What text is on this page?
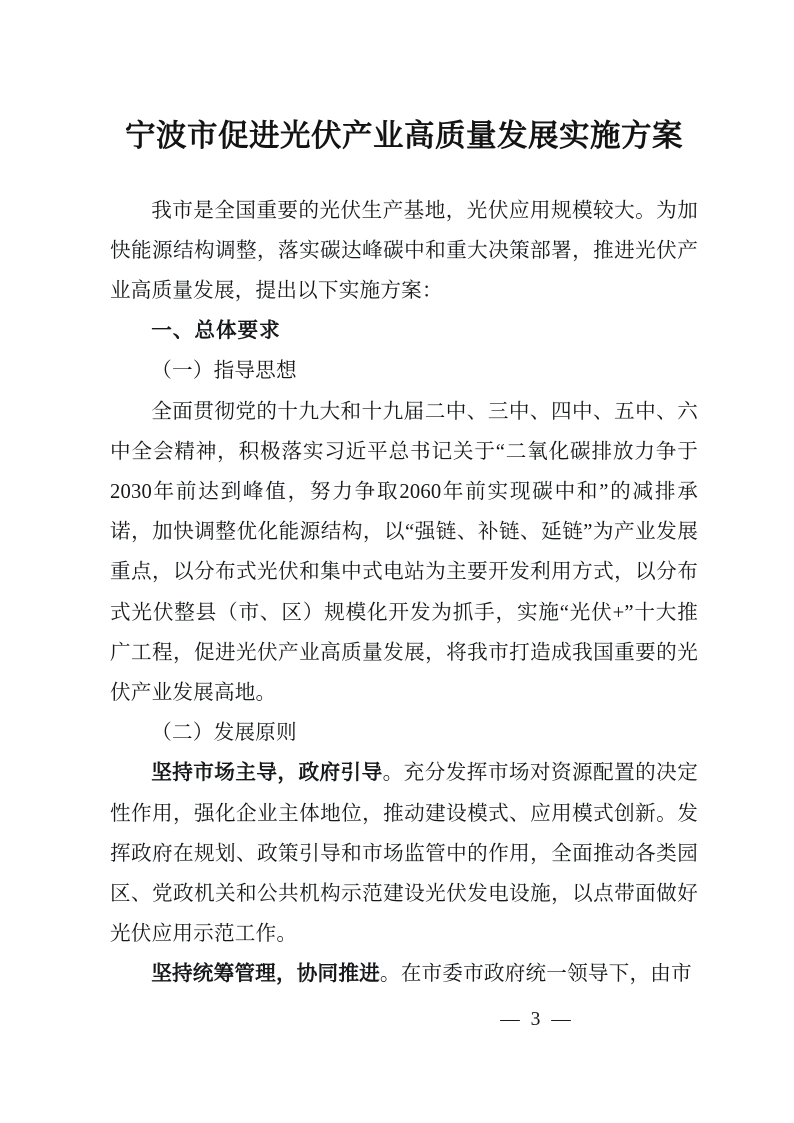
宁波市促进光伏产业高质量发展实施方案

我市是全国重要的光伏生产基地，光伏应用规模较大。为加快能源结构调整，落实碳达峰碳中和重大决策部署，推进光伏产业高质量发展，提出以下实施方案：

一、总体要求

（一）指导思想

全面贯彻党的十九大和十九届二中、三中、四中、五中、六中全会精神，积极落实习近平总书记关于“二氧化碳排放力争于2030年前达到峰值，努力争取2060年前实现碳中和”的减排承诺，加快调整优化能源结构，以“强链、补链、延链”为产业发展重点，以分布式光伏和集中式电站为主要开发利用方式，以分布式光伏整县（市、区）规模化开发为抓手，实施“光伏+”十大推广工程，促进光伏产业高质量发展，将我市打造成我国重要的光伏产业发展高地。

（二）发展原则

坚持市场主导，政府引导。充分发挥市场对资源配置的决定性作用，强化企业主体地位，推动建设模式、应用模式创新。发挥政府在规划、政策引导和市场监管中的作用，全面推动各类园区、党政机关和公共机构示范建设光伏发电设施，以点带面做好光伏应用示范工作。

坚持统筹管理，协同推进。在市委市政府统一领导下，由市

— 3 —
